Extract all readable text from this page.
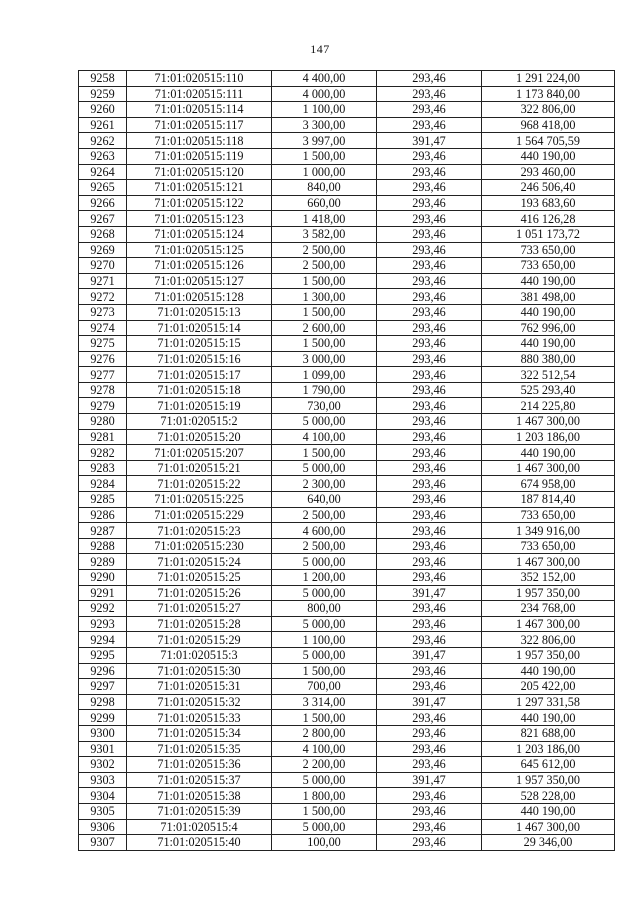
147
9258	71:01:020515:110	4 400,00	293,46	1 291 224,00
9259	71:01:020515:111	4 000,00	293,46	1 173 840,00
9260	71:01:020515:114	1 100,00	293,46	322 806,00
9261	71:01:020515:117	3 300,00	293,46	968 418,00
9262	71:01:020515:118	3 997,00	391,47	1 564 705,59
9263	71:01:020515:119	1 500,00	293,46	440 190,00
9264	71:01:020515:120	1 000,00	293,46	293 460,00
9265	71:01:020515:121	840,00	293,46	246 506,40
9266	71:01:020515:122	660,00	293,46	193 683,60
9267	71:01:020515:123	1 418,00	293,46	416 126,28
9268	71:01:020515:124	3 582,00	293,46	1 051 173,72
9269	71:01:020515:125	2 500,00	293,46	733 650,00
9270	71:01:020515:126	2 500,00	293,46	733 650,00
9271	71:01:020515:127	1 500,00	293,46	440 190,00
9272	71:01:020515:128	1 300,00	293,46	381 498,00
9273	71:01:020515:13	1 500,00	293,46	440 190,00
9274	71:01:020515:14	2 600,00	293,46	762 996,00
9275	71:01:020515:15	1 500,00	293,46	440 190,00
9276	71:01:020515:16	3 000,00	293,46	880 380,00
9277	71:01:020515:17	1 099,00	293,46	322 512,54
9278	71:01:020515:18	1 790,00	293,46	525 293,40
9279	71:01:020515:19	730,00	293,46	214 225,80
9280	71:01:020515:2	5 000,00	293,46	1 467 300,00
9281	71:01:020515:20	4 100,00	293,46	1 203 186,00
9282	71:01:020515:207	1 500,00	293,46	440 190,00
9283	71:01:020515:21	5 000,00	293,46	1 467 300,00
9284	71:01:020515:22	2 300,00	293,46	674 958,00
9285	71:01:020515:225	640,00	293,46	187 814,40
9286	71:01:020515:229	2 500,00	293,46	733 650,00
9287	71:01:020515:23	4 600,00	293,46	1 349 916,00
9288	71:01:020515:230	2 500,00	293,46	733 650,00
9289	71:01:020515:24	5 000,00	293,46	1 467 300,00
9290	71:01:020515:25	1 200,00	293,46	352 152,00
9291	71:01:020515:26	5 000,00	391,47	1 957 350,00
9292	71:01:020515:27	800,00	293,46	234 768,00
9293	71:01:020515:28	5 000,00	293,46	1 467 300,00
9294	71:01:020515:29	1 100,00	293,46	322 806,00
9295	71:01:020515:3	5 000,00	391,47	1 957 350,00
9296	71:01:020515:30	1 500,00	293,46	440 190,00
9297	71:01:020515:31	700,00	293,46	205 422,00
9298	71:01:020515:32	3 314,00	391,47	1 297 331,58
9299	71:01:020515:33	1 500,00	293,46	440 190,00
9300	71:01:020515:34	2 800,00	293,46	821 688,00
9301	71:01:020515:35	4 100,00	293,46	1 203 186,00
9302	71:01:020515:36	2 200,00	293,46	645 612,00
9303	71:01:020515:37	5 000,00	391,47	1 957 350,00
9304	71:01:020515:38	1 800,00	293,46	528 228,00
9305	71:01:020515:39	1 500,00	293,46	440 190,00
9306	71:01:020515:4	5 000,00	293,46	1 467 300,00
9307	71:01:020515:40	100,00	293,46	29 346,00
